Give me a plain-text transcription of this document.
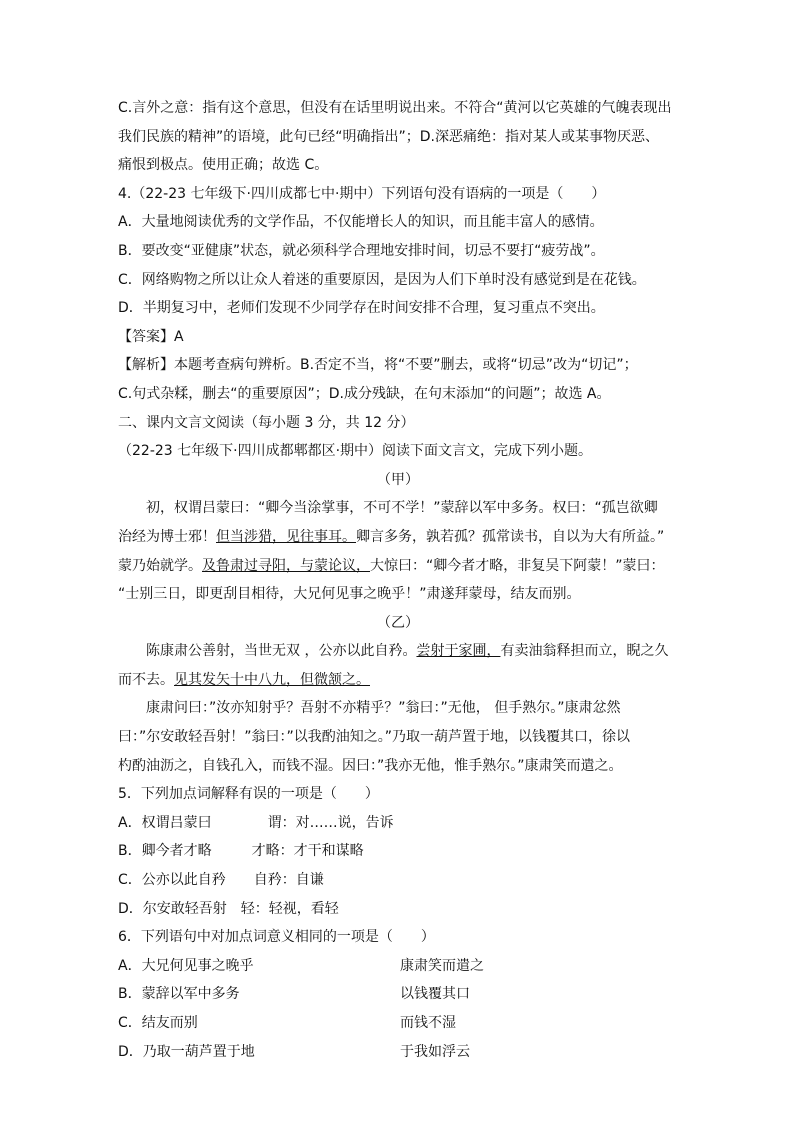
C.言外之意：指有这个意思，但没有在话里明说出来。不符合“黄河以它英雄的气魄表现出
我们民族的精神”的语境，此句已经“明确指出”；D.深恶痛绝：指对某人或某事物厌恶、
痛恨到极点。使用正确；故选 C。
4.（22-23 七年级下·四川成都七中·期中）下列语句没有语病的一项是（　　）
A．大量地阅读优秀的文学作品，不仅能增长人的知识，而且能丰富人的感情。
B．要改变“亚健康”状态，就必须科学合理地安排时间，切忌不要打“疲劳战”。
C．网络购物之所以让众人着迷的重要原因，是因为人们下单时没有感觉到是在花钱。
D．半期复习中，老师们发现不少同学存在时间安排不合理，复习重点不突出。
【答案】A
【解析】本题考查病句辨析。B.否定不当，将“不要”删去，或将“切忌”改为“切记”；
C.句式杂糅，删去“的重要原因”；D.成分残缺，在句末添加“的问题”；故选 A。
二、课内文言文阅读（每小题 3 分，共 12 分）
（22-23 七年级下·四川成都郫都区·期中）阅读下面文言文，完成下列小题。
（甲）
初，权谓吕蒙曰：“卿今当涂掌事，不可不学！”蒙辞以军中多务。权曰：“孤岂欲卿
治经为博士邪！但当涉猎，见往事耳。卿言多务，孰若孤？孤常读书，自以为大有所益。”
蒙乃始就学。及鲁肃过寻阳，与蒙论议，大惊曰：“卿今者才略，非复吴下阿蒙！”蒙曰：
“士别三日，即更刮目相待，大兄何见事之晚乎！”肃遂拜蒙母，结友而别。
（乙）
陈康肃公善射，当世无双 ，公亦以此自矜。尝射于家圃，有卖油翁释担而立，睨之久
而不去。见其发矢十中八九，但微颔之。
康肃问曰：”汝亦知射乎？吾射不亦精乎？”翁曰：”无他， 但手熟尔。”康肃忿然
曰：”尔安敢轻吾射！”翁曰：”以我酌油知之。”乃取一葫芦置于地，以钱覆其口，徐以
杓酌油沥之，自钱孔入，而钱不湿。因曰：”我亦无他，惟手熟尔。”康肃笑而遣之。
5．下列加点词解释有误的一项是（　　）
A．权谓吕蒙曰	谓：对……说，告诉
B．卿今者才略	才略：才干和谋略
C．公亦以此自矜 自矜：自谦
D．尔安敢轻吾射 轻：轻视，看轻
6．下列语句中对加点词意义相同的一项是（　　）
A．大兄何见事之晚乎	康肃笑而遣之
B．蒙辞以军中多务	以钱覆其口
C．结友而别	而钱不湿
D．乃取一葫芦置于地	于我如浮云
